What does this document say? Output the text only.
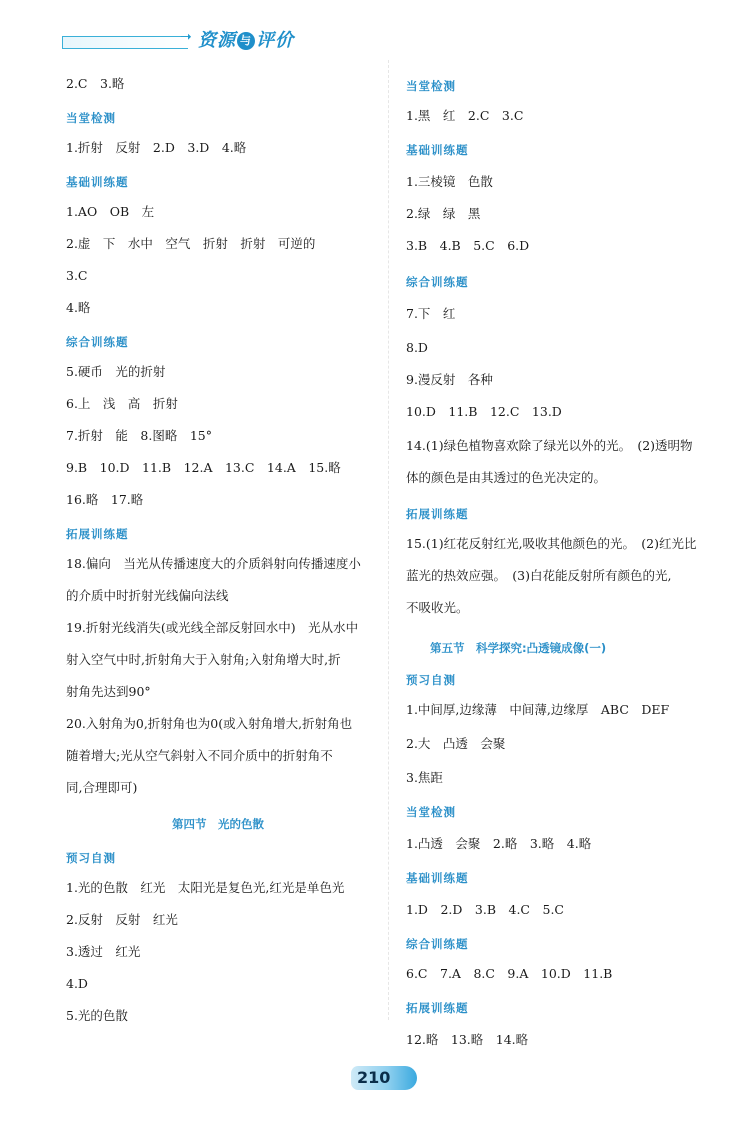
➝ 资源 与 评价
2.C　3.略
当堂检测
1.折射　反射　2.D　3.D　4.略
基础训练题
1.AO　OB　左
2.虚　下　水中　空气　折射　折射　可逆的
3.C
4.略
综合训练题
5.硬币　光的折射
6.上　浅　高　折射
7.折射　能　8.图略　15°
9.B　10.D　11.B　12.A　13.C　14.A　15.略
16.略　17.略
拓展训练题
18.偏向　当光从传播速度大的介质斜射向传播速度小
的介质中时折射光线偏向法线
19.折射光线消失(或光线全部反射回水中)　光从水中
射入空气中时,折射角大于入射角;入射角增大时,折
射角先达到90°
20.入射角为0,折射角也为0(或入射角增大,折射角也
随着增大;光从空气斜射入不同介质中的折射角不
同,合理即可)
第四节　光的色散
预习自测
1.光的色散　红光　太阳光是复色光,红光是单色光
2.反射　反射　红光
3.透过　红光
4.D
5.光的色散
当堂检测
1.黑　红　2.C　3.C
基础训练题
1.三棱镜　色散
2.绿　绿　黑
3.B　4.B　5.C　6.D
综合训练题
7.下　红
8.D
9.漫反射　各种
10.D　11.B　12.C　13.D
14.(1)绿色植物喜欢除了绿光以外的光。　(2)透明物
体的颜色是由其透过的色光决定的。
拓展训练题
15.(1)红花反射红光,吸收其他颜色的光。　(2)红光比
蓝光的热效应强。　(3)白花能反射所有颜色的光,
不吸收光。
第五节　科学探究:凸透镜成像(一)
预习自测
1.中间厚,边缘薄　中间薄,边缘厚　ABC　DEF
2.大　凸透　会聚
3.焦距
当堂检测
1.凸透　会聚　2.略　3.略　4.略
基础训练题
1.D　2.D　3.B　4.C　5.C
综合训练题
6.C　7.A　8.C　9.A　10.D　11.B
拓展训练题
12.略　13.略　14.略
210
